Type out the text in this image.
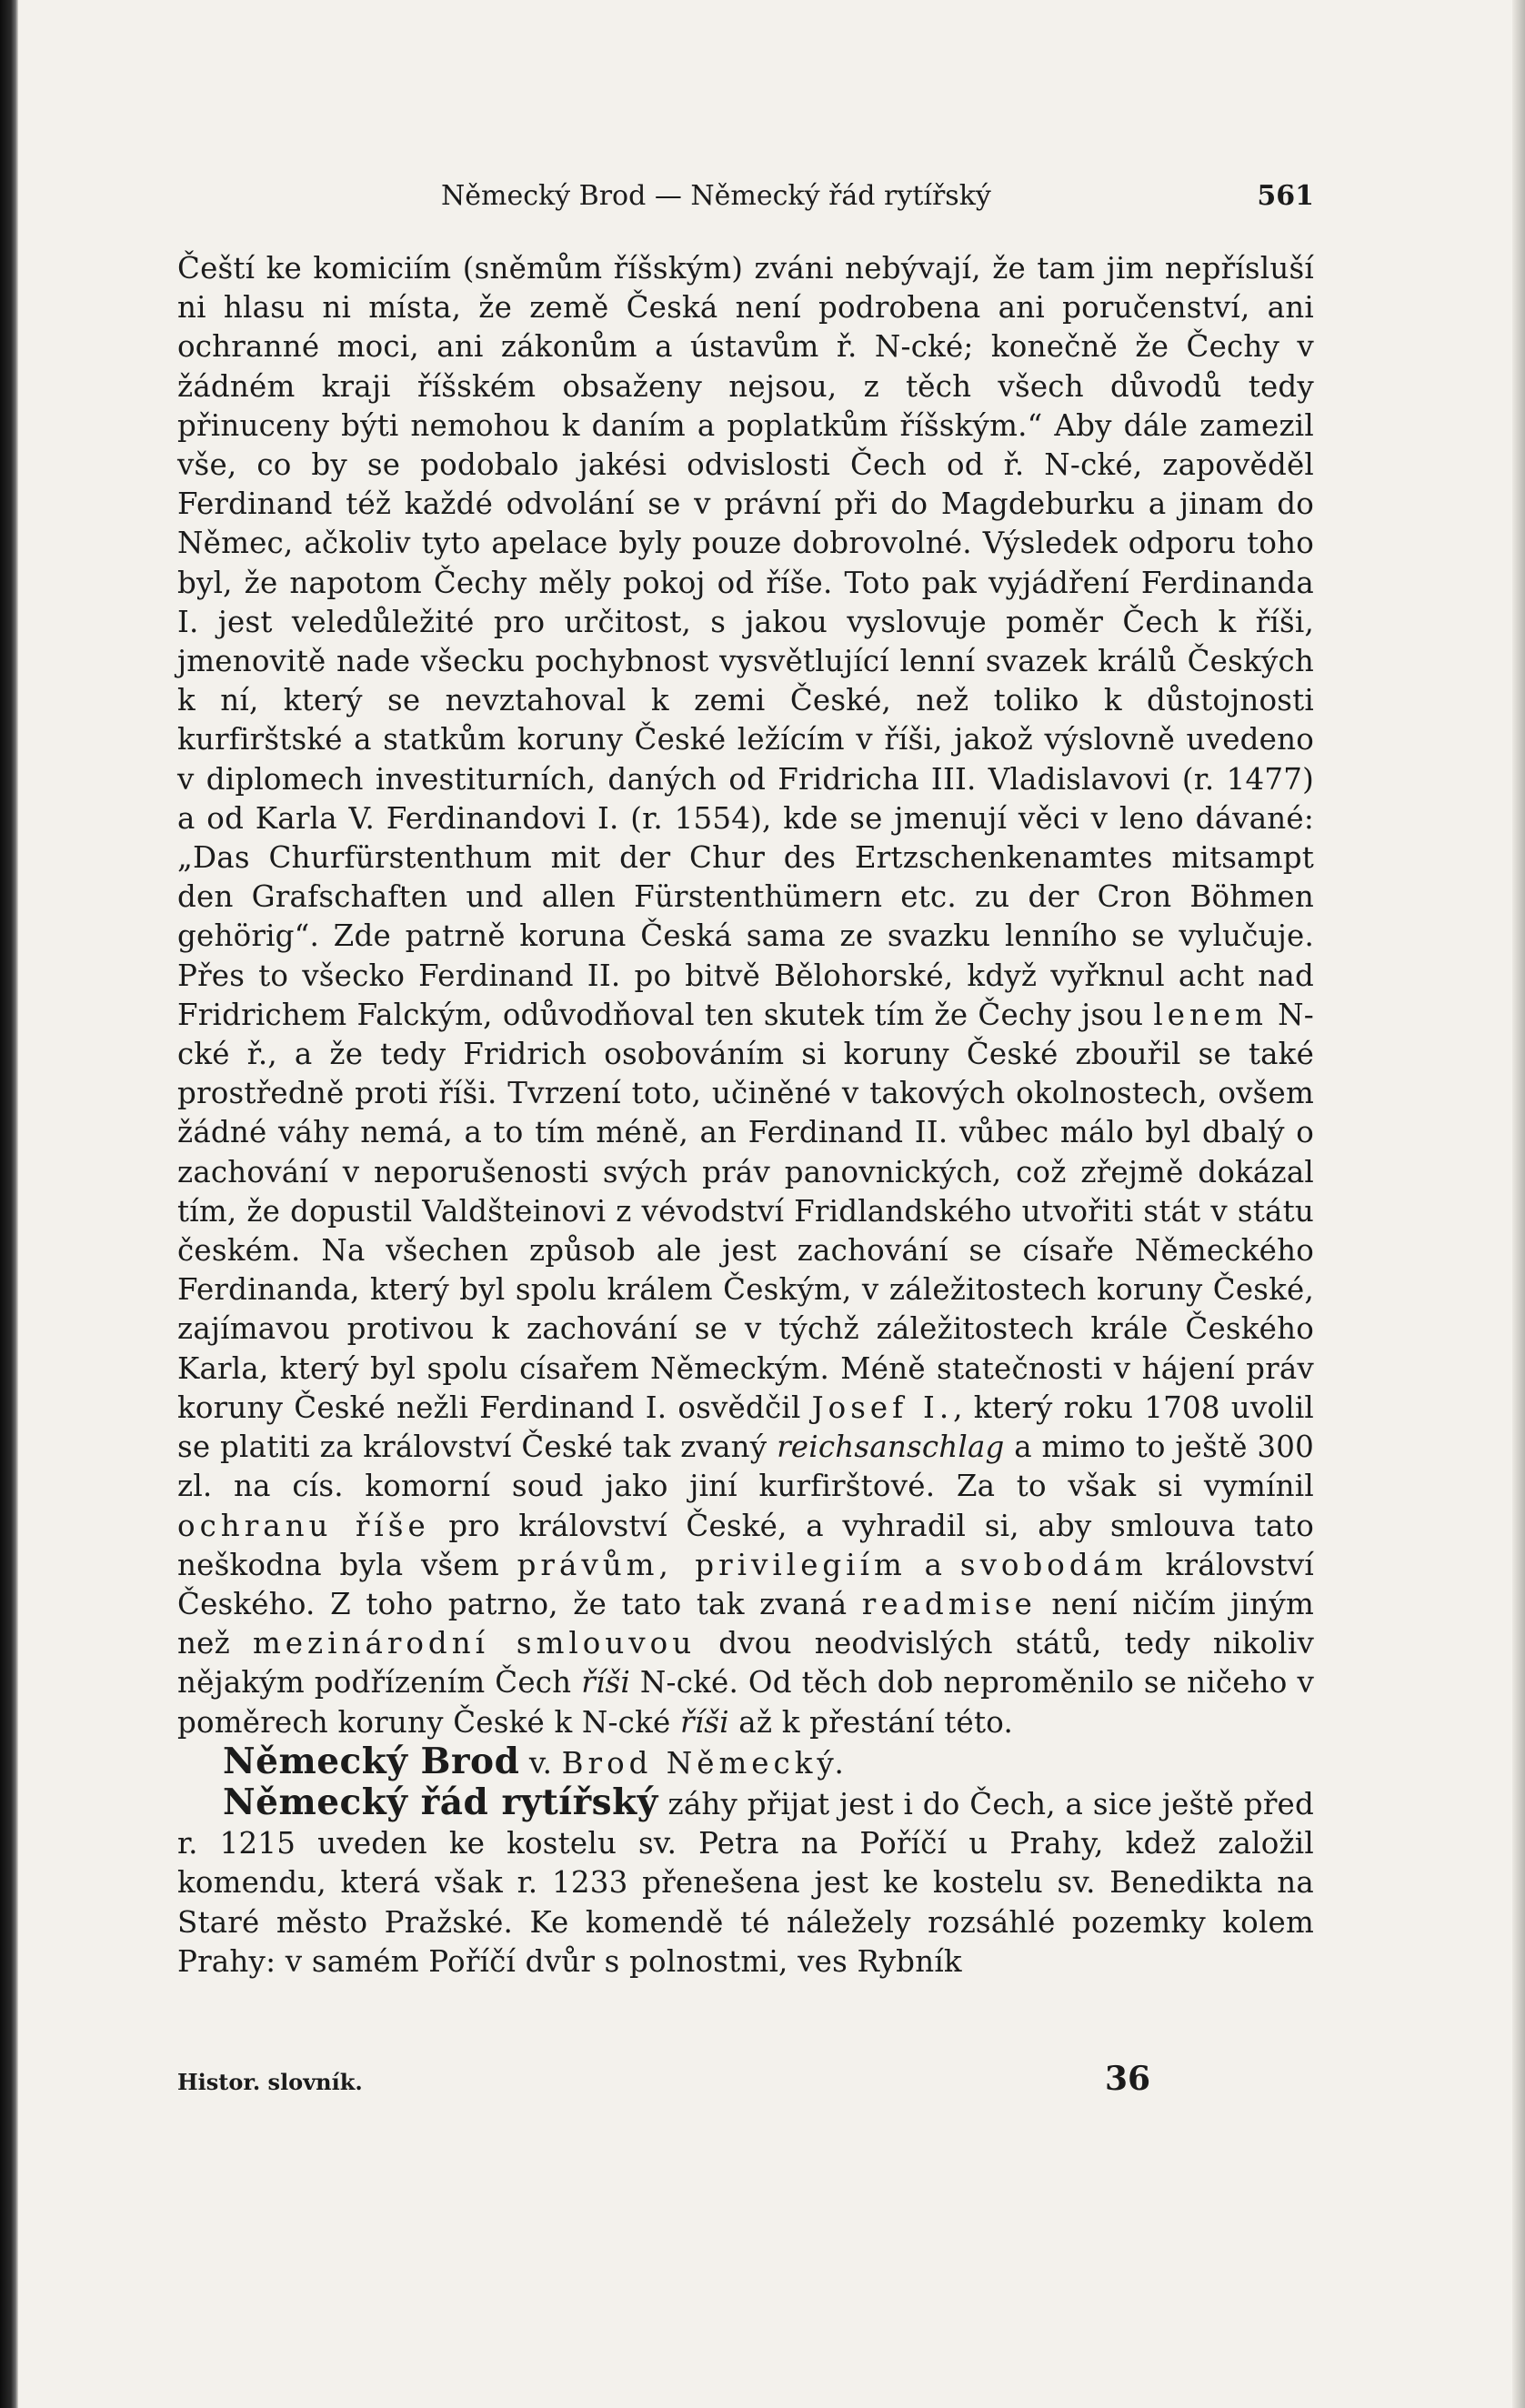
Německý Brod — Německý řád rytířský	561

Čeští ke komiciím (sněmům říšským) zváni nebývají, že tam jim nepřísluší ni hlasu ni místa, že země Česká není podrobena ani poručenství, ani ochranné moci, ani zákonům a ústavům ř. N-cké; konečně že Čechy v žádném kraji říšském obsaženy nejsou, z těch všech důvodů tedy přinuceny býti nemohou k daním a poplatkům říšským.“ Aby dále zamezil vše, co by se podobalo jakési odvislosti Čech od ř. N-cké, zapověděl Ferdinand též každé odvolání se v právní při do Magdeburku a jinam do Němec, ačkoliv tyto apelace byly pouze dobrovolné. Výsledek odporu toho byl, že napotom Čechy měly pokoj od říše. Toto pak vyjádření Ferdinanda I. jest veledůležité pro určitost, s jakou vyslovuje poměr Čech k říši, jmenovitě nade všecku pochybnost vysvětlující lenní svazek králů Českých k ní, který se nevztahoval k zemi České, než toliko k důstojnosti kurfirštské a statkům koruny České ležícím v říši, jakož výslovně uvedeno v diplomech investiturních, daných od Fridricha III. Vladislavovi (r. 1477) a od Karla V. Ferdinandovi I. (r. 1554), kde se jmenují věci v leno dávané: „Das Churfürstenthum mit der Chur des Ertzschenkenamtes mitsampt den Grafschaften und allen Fürstenthümern etc. zu der Cron Böhmen gehörig“. Zde patrně koruna Česká sama ze svazku lenního se vylučuje. Přes to všecko Ferdinand II. po bitvě Bělohorské, když vyřknul acht nad Fridrichem Falckým, odůvodňoval ten skutek tím že Čechy jsou lenem N-cké ř., a že tedy Fridrich osobováním si koruny České zbouřil se také prostředně proti říši. Tvrzení toto, učiněné v takových okolnostech, ovšem žádné váhy nemá, a to tím méně, an Ferdinand II. vůbec málo byl dbalý o zachování v neporušenosti svých práv panovnických, což zřejmě dokázal tím, že dopustil Valdšteinovi z vévodství Fridlandského utvořiti stát v státu českém. Na všechen způsob ale jest zachování se císaře Německého Ferdinanda, který byl spolu králem Českým, v záležitostech koruny České, zajímavou protivou k zachování se v týchž záležitostech krále Českého Karla, který byl spolu císařem Německým. Méně statečnosti v hájení práv koruny České nežli Ferdinand I. osvědčil Josef I., který roku 1708 uvolil se platiti za království České tak zvaný reichsanschlag a mimo to ještě 300 zl. na cís. komorní soud jako jiní kurfirštové. Za to však si vymínil ochranu říše pro království České, a vyhradil si, aby smlouva tato neškodna byla všem právům, privilegiím a svobodám království Českého. Z toho patrno, že tato tak zvaná readmise není ničím jiným než mezinárodní smlouvou dvou neodvislých států, tedy nikoliv nějakým podřízením Čech říši N-cké. Od těch dob neproměnilo se ničeho v poměrech koruny České k N-cké říši až k přestání této.

Německý Brod v. Brod Německý.

Německý řád rytířský záhy přijat jest i do Čech, a sice ještě před r. 1215 uveden ke kostelu sv. Petra na Poříčí u Prahy, kdež založil komendu, která však r. 1233 přenešena jest ke kostelu sv. Benedikta na Staré město Pražské. Ke komendě té náležely rozsáhlé pozemky kolem Prahy: v samém Poříčí dvůr s polnostmi, ves Rybník

Histor. slovník.	36
